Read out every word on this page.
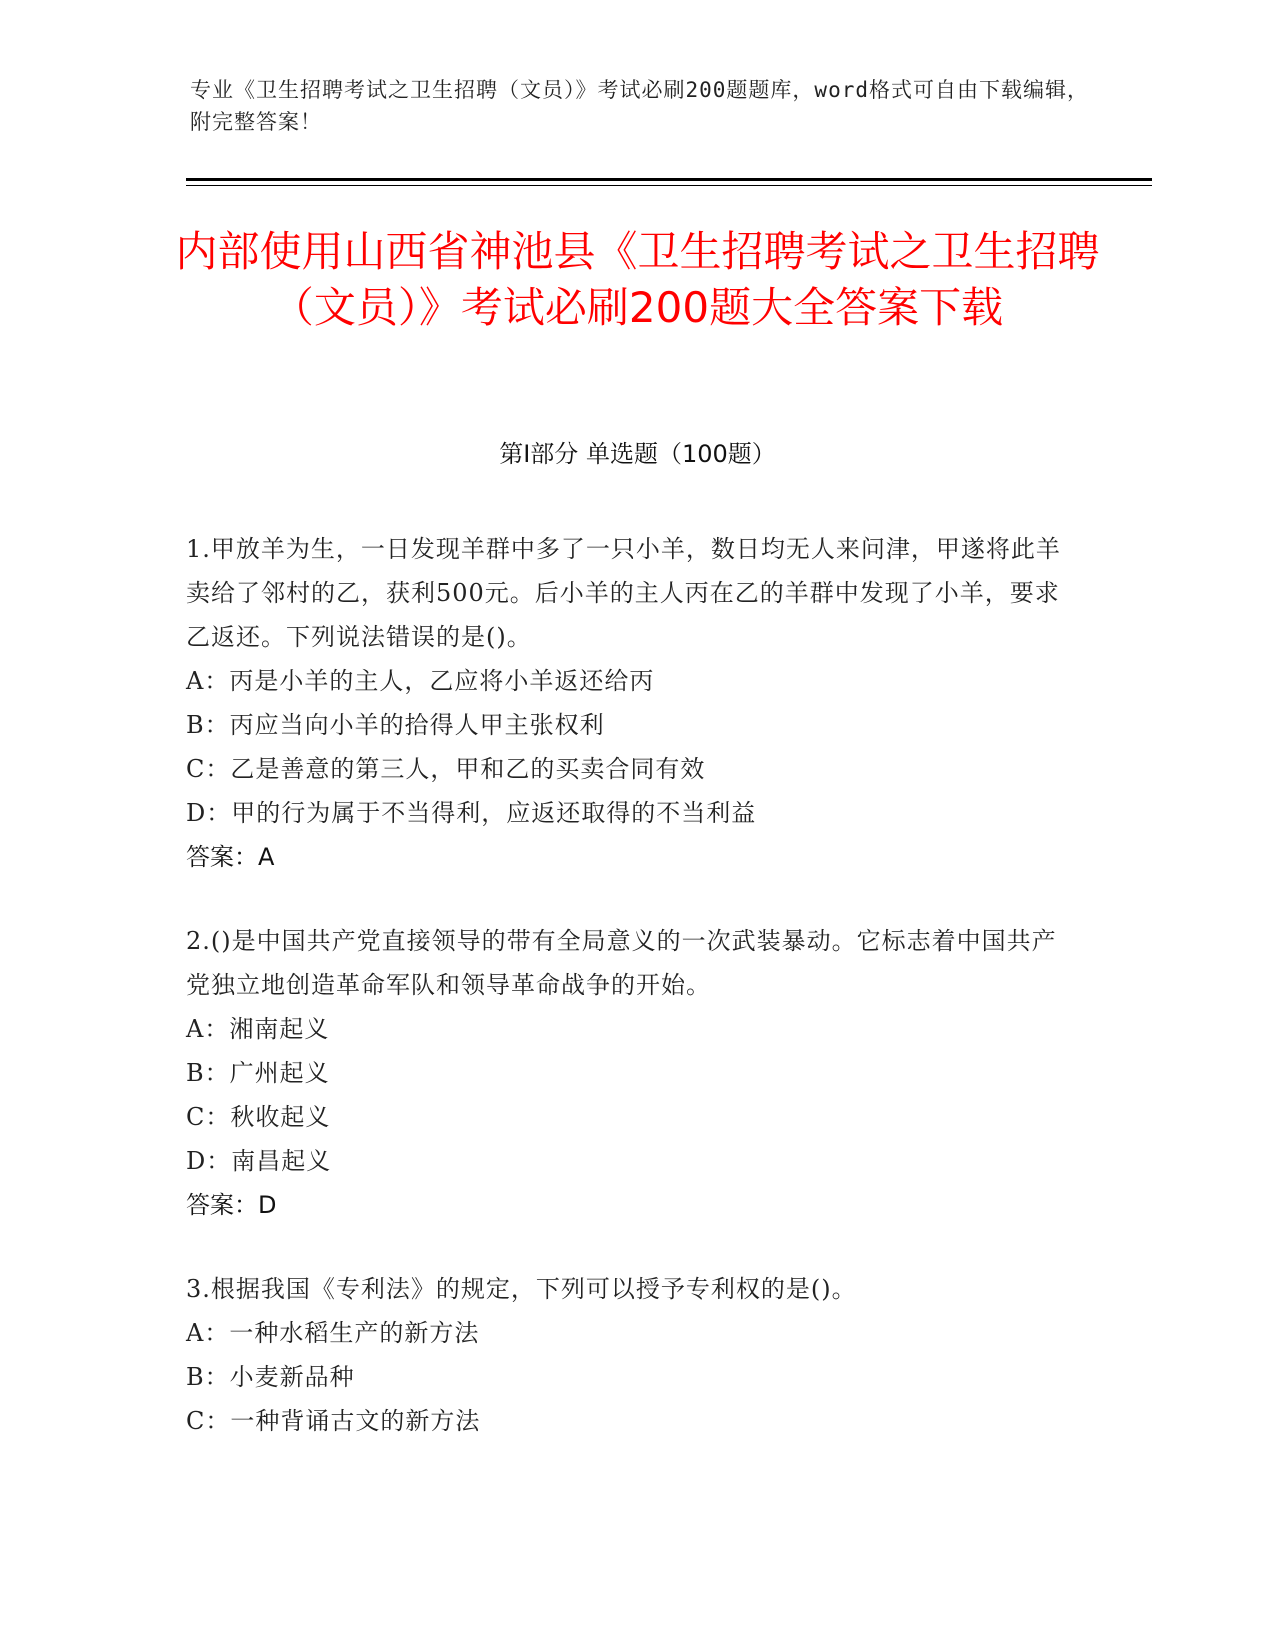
专业《卫生招聘考试之卫生招聘（文员）》考试必刷200题题库，word格式可自由下载编辑，附完整答案！
内部使用山西省神池县《卫生招聘考试之卫生招聘（文员）》考试必刷200题大全答案下载
第I部分 单选题（100题）

1.甲放羊为生，一日发现羊群中多了一只小羊，数日均无人来问津，甲遂将此羊卖给了邻村的乙，获利500元。后小羊的主人丙在乙的羊群中发现了小羊，要求乙返还。下列说法错误的是()。

A：丙是小羊的主人，乙应将小羊返还给丙

B：丙应当向小羊的拾得人甲主张权利

C：乙是善意的第三人，甲和乙的买卖合同有效

D：甲的行为属于不当得利，应返还取得的不当利益

答案：A

2.()是中国共产党直接领导的带有全局意义的一次武装暴动。它标志着中国共产党独立地创造革命军队和领导革命战争的开始。

A：湘南起义

B：广州起义

C：秋收起义

D：南昌起义

答案：D

3.根据我国《专利法》的规定，下列可以授予专利权的是()。

A：一种水稻生产的新方法

B：小麦新品种

C：一种背诵古文的新方法
